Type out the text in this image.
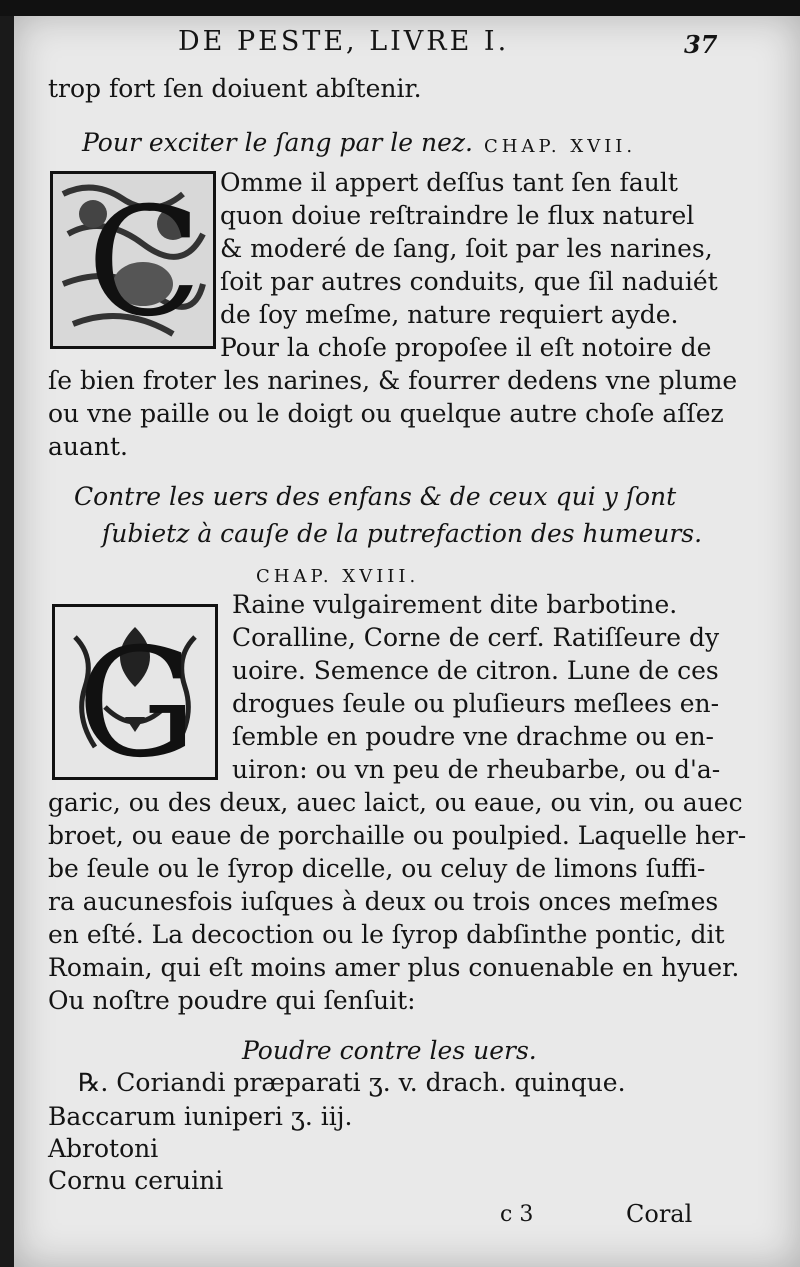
DE PESTE, LIVRE I.	37
trop fort ſen doiuent abſtenir.
Pour exciter le ſang par le nez. CHAP. XVII.
C Omme il appert deſſus tant ſen fault
quon doiue reſtraindre le flux naturel
& moderé de ſang, ſoit par les narines,
ſoit par autres conduits, que ſil naduiét
de ſoy meſme, nature requiert ayde.
Pour la choſe propoſee il eſt notoire de
ſe bien froter les narines, & fourrer dedens vne plume
ou vne paille ou le doigt ou quelque autre choſe aſſez
auant.
Contre les uers des enfans & de ceux qui y ſont
ſubietz à cauſe de la putrefaction des humeurs.
CHAP. XVIII.
G
Raine vulgairement dite barbotine.
Coralline, Corne de cerf. Ratiſſeure dy
uoire. Semence de citron. Lune de ces
drogues ſeule ou pluſieurs meſlees en-
ſemble en poudre vne drachme ou en-
uiron: ou vn peu de rheubarbe, ou d'a-
garic, ou des deux, auec laict, ou eaue, ou vin, ou auec
broet, ou eaue de porchaille ou poulpied. Laquelle her-
be ſeule ou le ſyrop dicelle, ou celuy de limons ſuffi-
ra aucunesfois iuſques à deux ou trois onces meſmes
en eſté. La decoction ou le ſyrop dabſinthe pontic, dit
Romain, qui eſt moins amer plus conuenable en hyuer.
Ou noſtre poudre qui ſenſuit:
Poudre contre les uers.
℞. Coriandi præparati ʒ. v. drach. quinque.
Baccarum iuniperi ʒ. iij.
Abrotoni
Cornu ceruini
c 3	Coral
